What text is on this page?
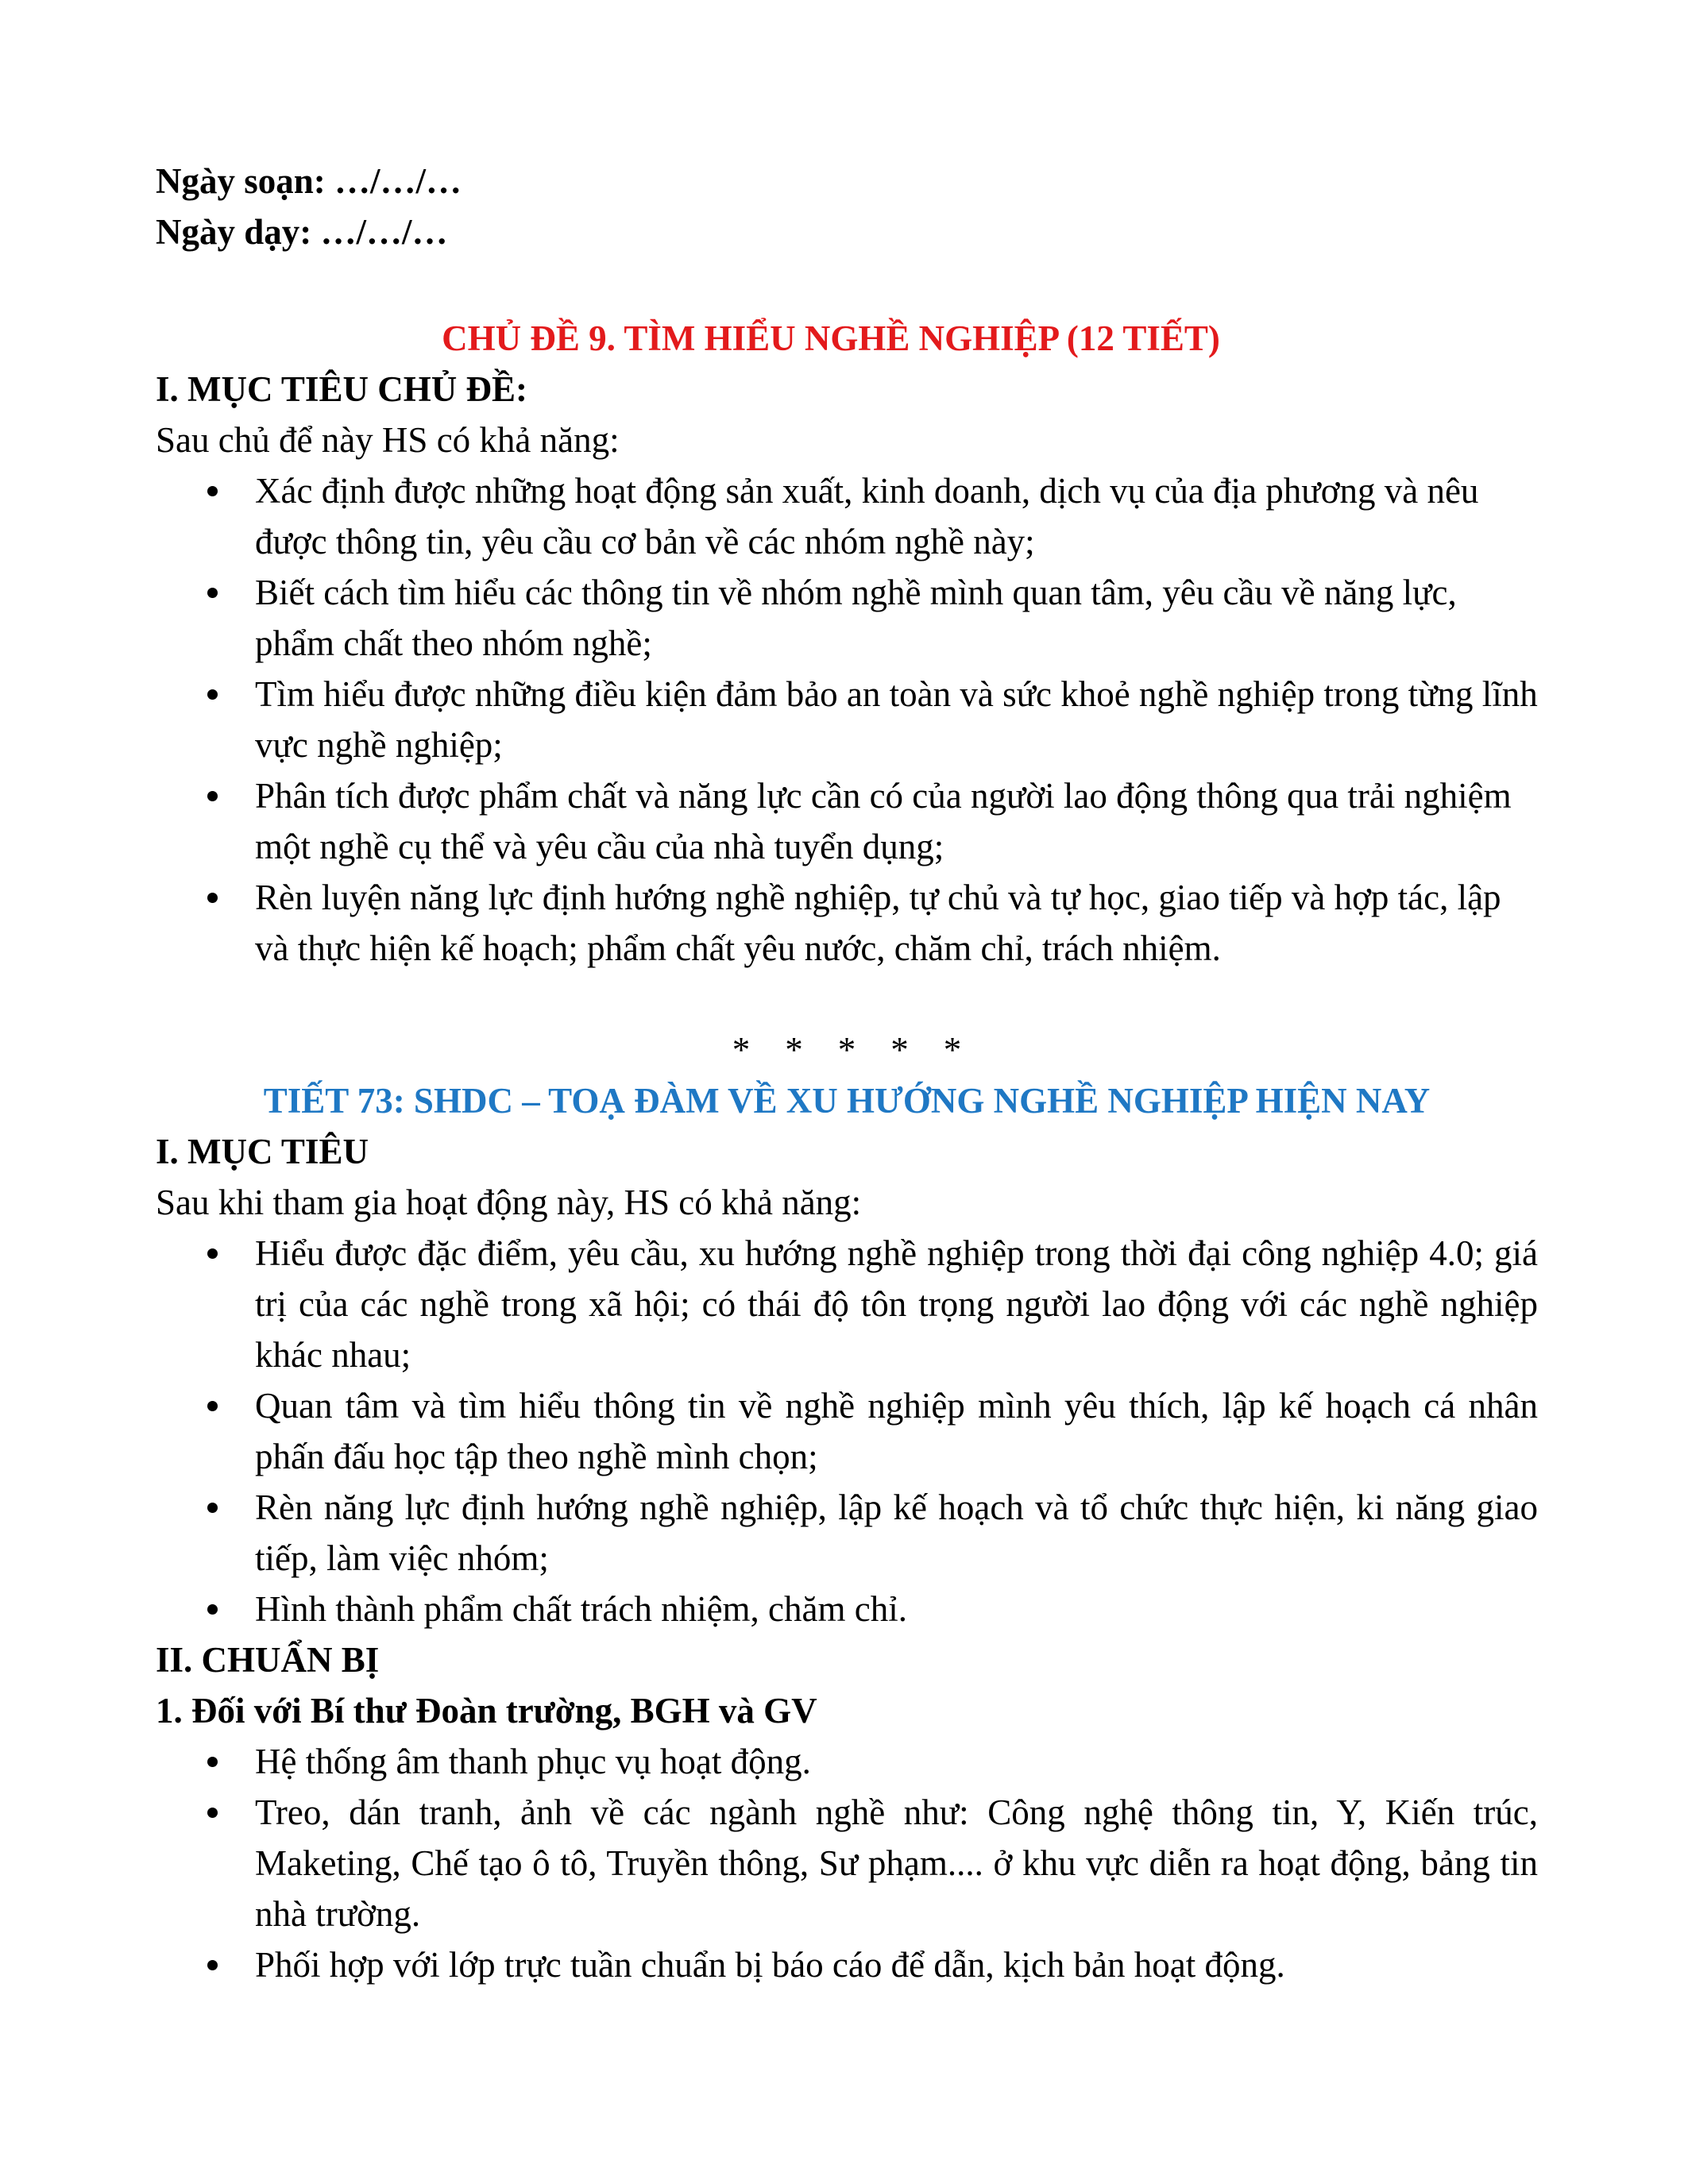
Ngày soạn: …/…/…

Ngày dạy: …/…/…

CHỦ ĐỀ 9. TÌM HIỂU NGHỀ NGHIỆP (12 TIẾT)
I. MỤC TIÊU CHỦ ĐỀ:

Sau chủ để này HS có khả năng:

Xác định được những hoạt động sản xuất, kinh doanh, dịch vụ của địa phương và nêu được thông tin, yêu cầu cơ bản về các nhóm nghề này;
Biết cách tìm hiểu các thông tin về nhóm nghề mình quan tâm, yêu cầu về năng lực, phẩm chất theo nhóm nghề;
Tìm hiểu được những điều kiện đảm bảo an toàn và sức khoẻ nghề nghiệp trong từng lĩnh vực nghề nghiệp;
Phân tích được phẩm chất và năng lực cần có của người lao động thông qua trải nghiệm một nghề cụ thể và yêu cầu của nhà tuyển dụng;
Rèn luyện năng lực định hướng nghề nghiệp, tự chủ và tự học, giao tiếp và hợp tác, lập và thực hiện kế hoạch; phẩm chất yêu nước, chăm chỉ, trách nhiệm.
* * * * *
TIẾT 73: SHDC – TOẠ ĐÀM VỀ XU HƯỚNG NGHỀ NGHIỆP HIỆN NAY
I. MỤC TIÊU

Sau khi tham gia hoạt động này, HS có khả năng:

Hiểu được đặc điểm, yêu cầu, xu hướng nghề nghiệp trong thời đại công nghiệp 4.0; giá trị của các nghề trong xã hội; có thái độ tôn trọng người lao động với các nghề nghiệp khác nhau;
Quan tâm và tìm hiểu thông tin về nghề nghiệp mình yêu thích, lập kế hoạch cá nhân phấn đấu học tập theo nghề mình chọn;
Rèn năng lực định hướng nghề nghiệp, lập kế hoạch và tổ chức thực hiện, ki năng giao tiếp, làm việc nhóm;
Hình thành phẩm chất trách nhiệm, chăm chỉ.
II. CHUẨN BỊ
1. Đối với Bí thư Đoàn trường, BGH và GV
Hệ thống âm thanh phục vụ hoạt động.
Treo, dán tranh, ảnh về các ngành nghề như: Công nghệ thông tin, Y, Kiến trúc, Maketing, Chế tạo ô tô, Truyền thông, Sư phạm.... ở khu vực diễn ra hoạt động, bảng tin nhà trường.
Phối hợp với lớp trực tuần chuẩn bị báo cáo để dẫn, kịch bản hoạt động.
